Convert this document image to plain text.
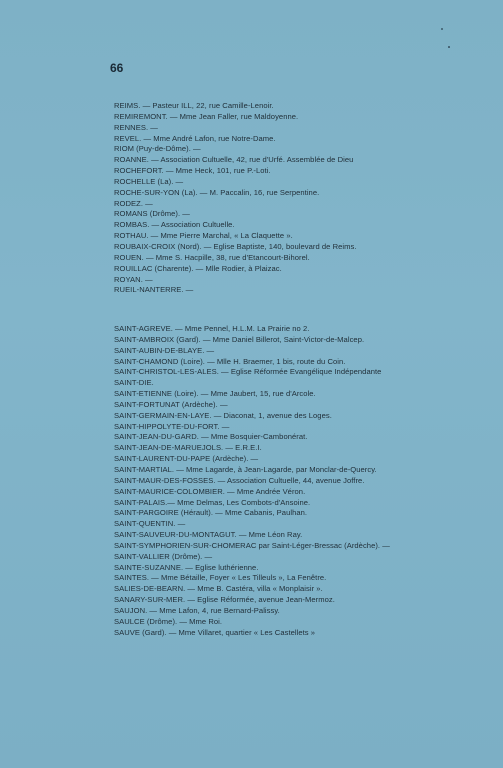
66
REIMS. — Pasteur ILL, 22, rue Camille-Lenoir.
REMIREMONT. — Mme Jean Faller, rue Maldoyenne.
RENNES. —
REVEL. — Mme André Lafon, rue Notre-Dame.
RIOM (Puy-de-Dôme). —
ROANNE. — Association Cultuelle, 42, rue d'Urfé. Assemblée de Dieu
ROCHEFORT. — Mme Heck, 101, rue P.-Loti.
ROCHELLE (La). —
ROCHE-SUR-YON (La). — M. Paccalin, 16, rue Serpentine.
RODEZ. —
ROMANS (Drôme). —
ROMBAS. — Association Cultuelle.
ROTHAU. — Mme Pierre Marchal, « La Claquette ».
ROUBAIX-CROIX (Nord). — Eglise Baptiste, 140, boulevard de Reims.
ROUEN. — Mme S. Hacpille, 38, rue d'Etancourt-Bihorel.
ROUILLAC (Charente). — Mlle Rodier, à Plaizac.
ROYAN. —
RUEIL-NANTERRE. —
SAINT-AGREVE. — Mme Pennel, H.L.M. La Prairie no 2.
SAINT-AMBROIX (Gard). — Mme Daniel Billerot, Saint-Victor-de-Malcep.
SAINT-AUBIN-DE-BLAYE. —
SAINT-CHAMOND (Loire). — Mlle H. Braemer, 1 bis, route du Coin.
SAINT-CHRISTOL-LES-ALES. — Eglise Réformée Evangélique Indépendante
SAINT-DIE.
SAINT-ETIENNE (Loire). — Mme Jaubert, 15, rue d'Arcole.
SAINT-FORTUNAT (Ardèche). —
SAINT-GERMAIN-EN-LAYE. — Diaconat, 1, avenue des Loges.
SAINT-HIPPOLYTE-DU-FORT. —
SAINT-JEAN-DU-GARD. — Mme Bosquier-Cambonérat.
SAINT-JEAN-DE-MARUEJOLS. — E.R.E.I.
SAINT-LAURENT-DU-PAPE (Ardèche). —
SAINT-MARTIAL. — Mme Lagarde, à Jean-Lagarde, par Monclar-de-Quercy.
SAINT-MAUR-DES-FOSSES. — Association Cultuelle, 44, avenue Joffre.
SAINT-MAURICE-COLOMBIER. — Mme Andrée Véron.
SAINT-PALAIS.— Mme Delmas, Les Combots-d'Ansoine.
SAINT-PARGOIRE (Hérault). — Mme Cabanis, Paulhan.
SAINT-QUENTIN. —
SAINT-SAUVEUR-DU-MONTAGUT. — Mme Léon Ray.
SAINT-SYMPHORIEN-SUR-CHOMERAC par Saint-Léger-Bressac (Ardèche). —
SAINT-VALLIER (Drôme). —
SAINTE-SUZANNE. — Eglise luthérienne.
SAINTES. — Mme Bétaille, Foyer « Les Tilleuls », La Fenêtre.
SALIES-DE-BEARN. — Mme B. Castéra, villa « Monplaisir ».
SANARY-SUR-MER. — Eglise Réformée, avenue Jean-Mermoz.
SAUJON. — Mme Lafon, 4, rue Bernard-Palissy.
SAULCE (Drôme). — Mme Roi.
SAUVE (Gard). — Mme Villaret, quartier « Les Castellets »
